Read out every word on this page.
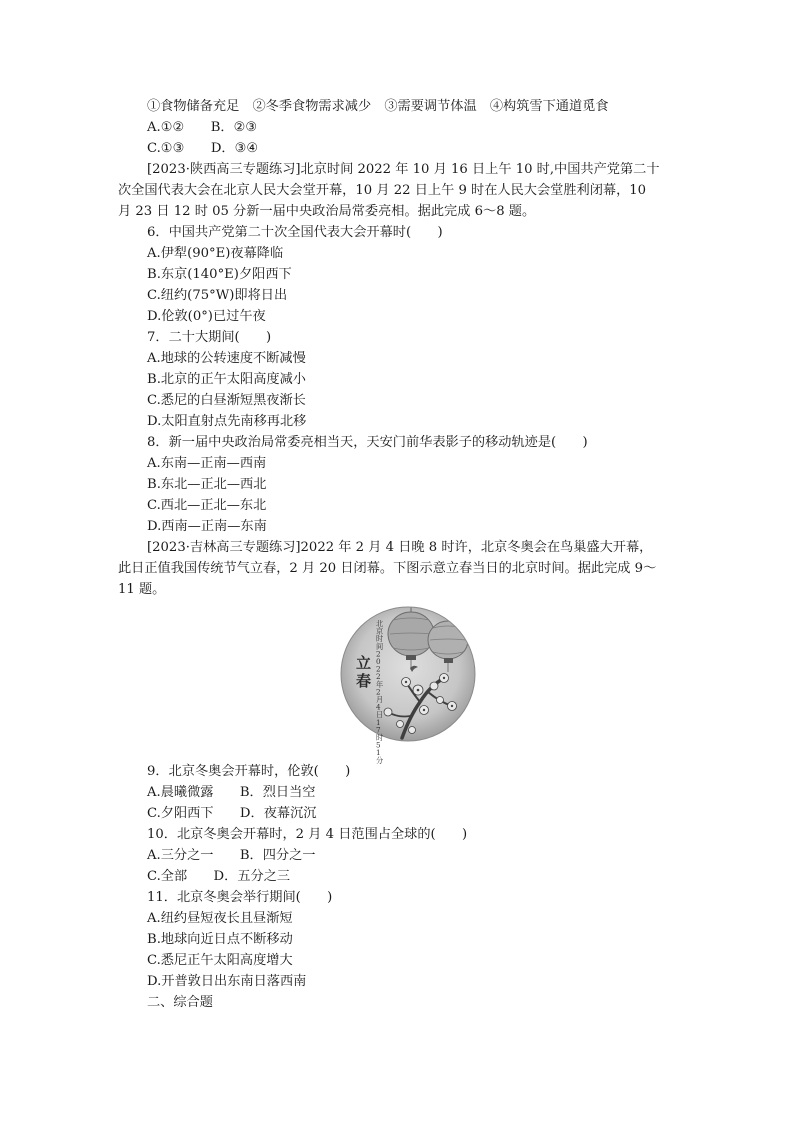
①食物储备充足　②冬季食物需求减少　③需要调节体温　④构筑雪下通道觅食
A.①②　　B．②③
C.①③　　D．③④
[2023·陕西高三专题练习]北京时间 2022 年 10 月 16 日上午 10 时,中国共产党第二十
次全国代表大会在北京人民大会堂开幕，10 月 22 日上午 9 时在人民大会堂胜利闭幕，10
月 23 日 12 时 05 分新一届中央政治局常委亮相。据此完成 6～8 题。
6．中国共产党第二十次全国代表大会开幕时(　　)
A.伊犁(90°E)夜幕降临
B.东京(140°E)夕阳西下
C.纽约(75°W)即将日出
D.伦敦(0°)已过午夜
7．二十大期间(　　)
A.地球的公转速度不断减慢
B.北京的正午太阳高度减小
C.悉尼的白昼渐短黑夜渐长
D.太阳直射点先南移再北移
8．新一届中央政治局常委亮相当天，天安门前华表影子的移动轨迹是(　　)
A.东南—正南—西南
B.东北—正北—西北
C.西北—正北—东北
D.西南—正南—东南
[2023·吉林高三专题练习]2022 年 2 月 4 日晚 8 时许，北京冬奥会在鸟巢盛大开幕，
此日正值我国传统节气立春，2 月 20 日闭幕。下图示意立春当日的北京时间。据此完成 9～
11 题。
立 春
北京时间 2 0 2 2 年 2 月 4 日 1 7 时 5 1 分
9．北京冬奥会开幕时，伦敦(　　)
A.晨曦微露　　B．烈日当空
C.夕阳西下　　D．夜幕沉沉
10．北京冬奥会开幕时，2 月 4 日范围占全球的(　　)
A.三分之一　　B．四分之一
C.全部　　D．五分之三
11．北京冬奥会举行期间(　　)
A.纽约昼短夜长且昼渐短
B.地球向近日点不断移动
C.悉尼正午太阳高度增大
D.开普敦日出东南日落西南
二、综合题
